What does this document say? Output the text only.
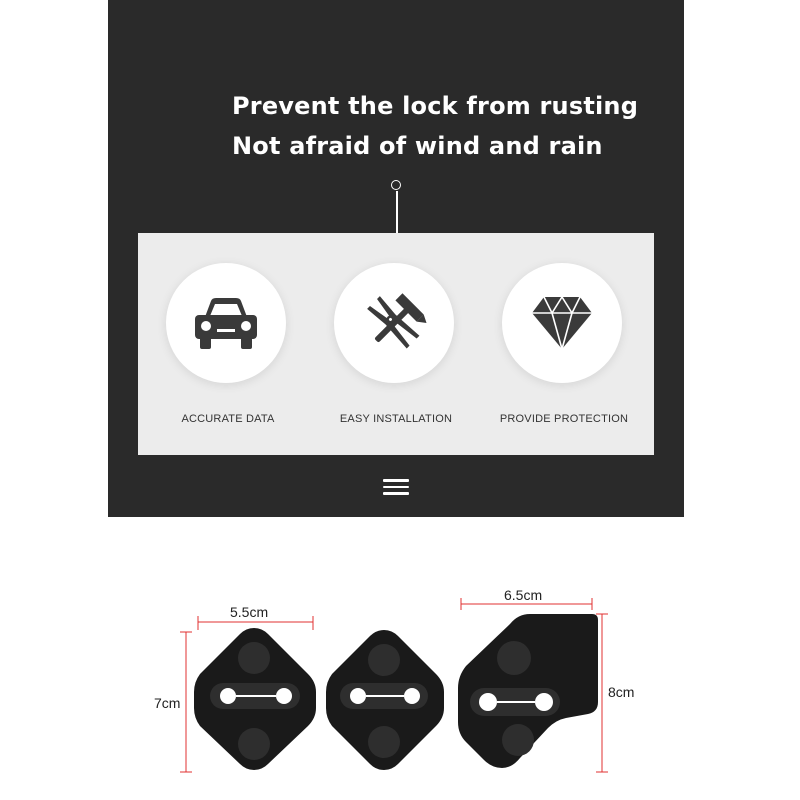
Prevent the lock from rusting
Not afraid of wind and rain
ACCURATE DATA	EASY INSTALLATION	PROVIDE PROTECTION
5.5cm
7cm
6.5cm
8cm
